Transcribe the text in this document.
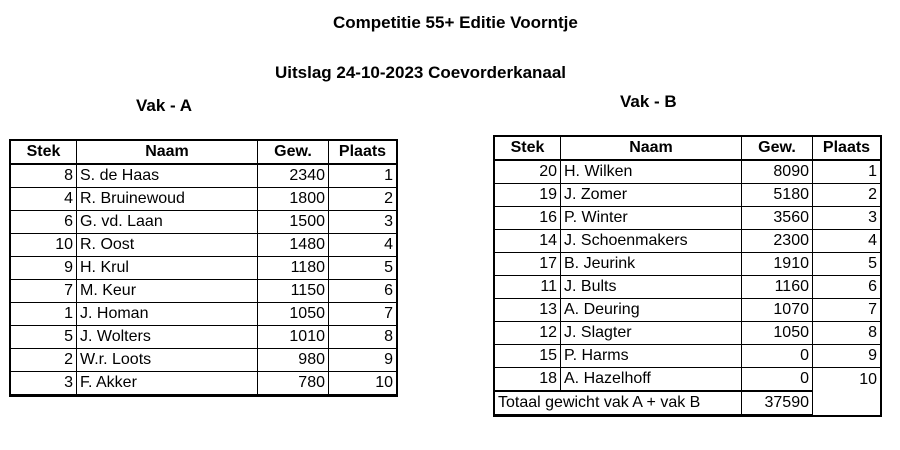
Competitie 55+ Editie Voorntje
Uitslag 24-10-2023 Coevorderkanaal
Vak - A	Vak - B
Stek	Naam	Gew.	Plaats
8	S. de Haas	2340	1
4	R. Bruinewoud	1800	2
6	G. vd. Laan	1500	3
10	R. Oost	1480	4
9	H. Krul	1180	5
7	M. Keur	1150	6
1	J. Homan	1050	7
5	J. Wolters	1010	8
2	W.r. Loots	980	9
3	F. Akker	780	10
Stek	Naam	Gew.	Plaats
20	H. Wilken	8090	1
19	J. Zomer	5180	2
16	P. Winter	3560	3
14	J. Schoenmakers	2300	4
17	B. Jeurink	1910	5
11	J. Bults	1160	6
13	A. Deuring	1070	7
12	J. Slagter	1050	8
15	P. Harms	0	9
18	A. Hazelhoff	0	10
Totaal gewicht vak A + vak B		37590	
